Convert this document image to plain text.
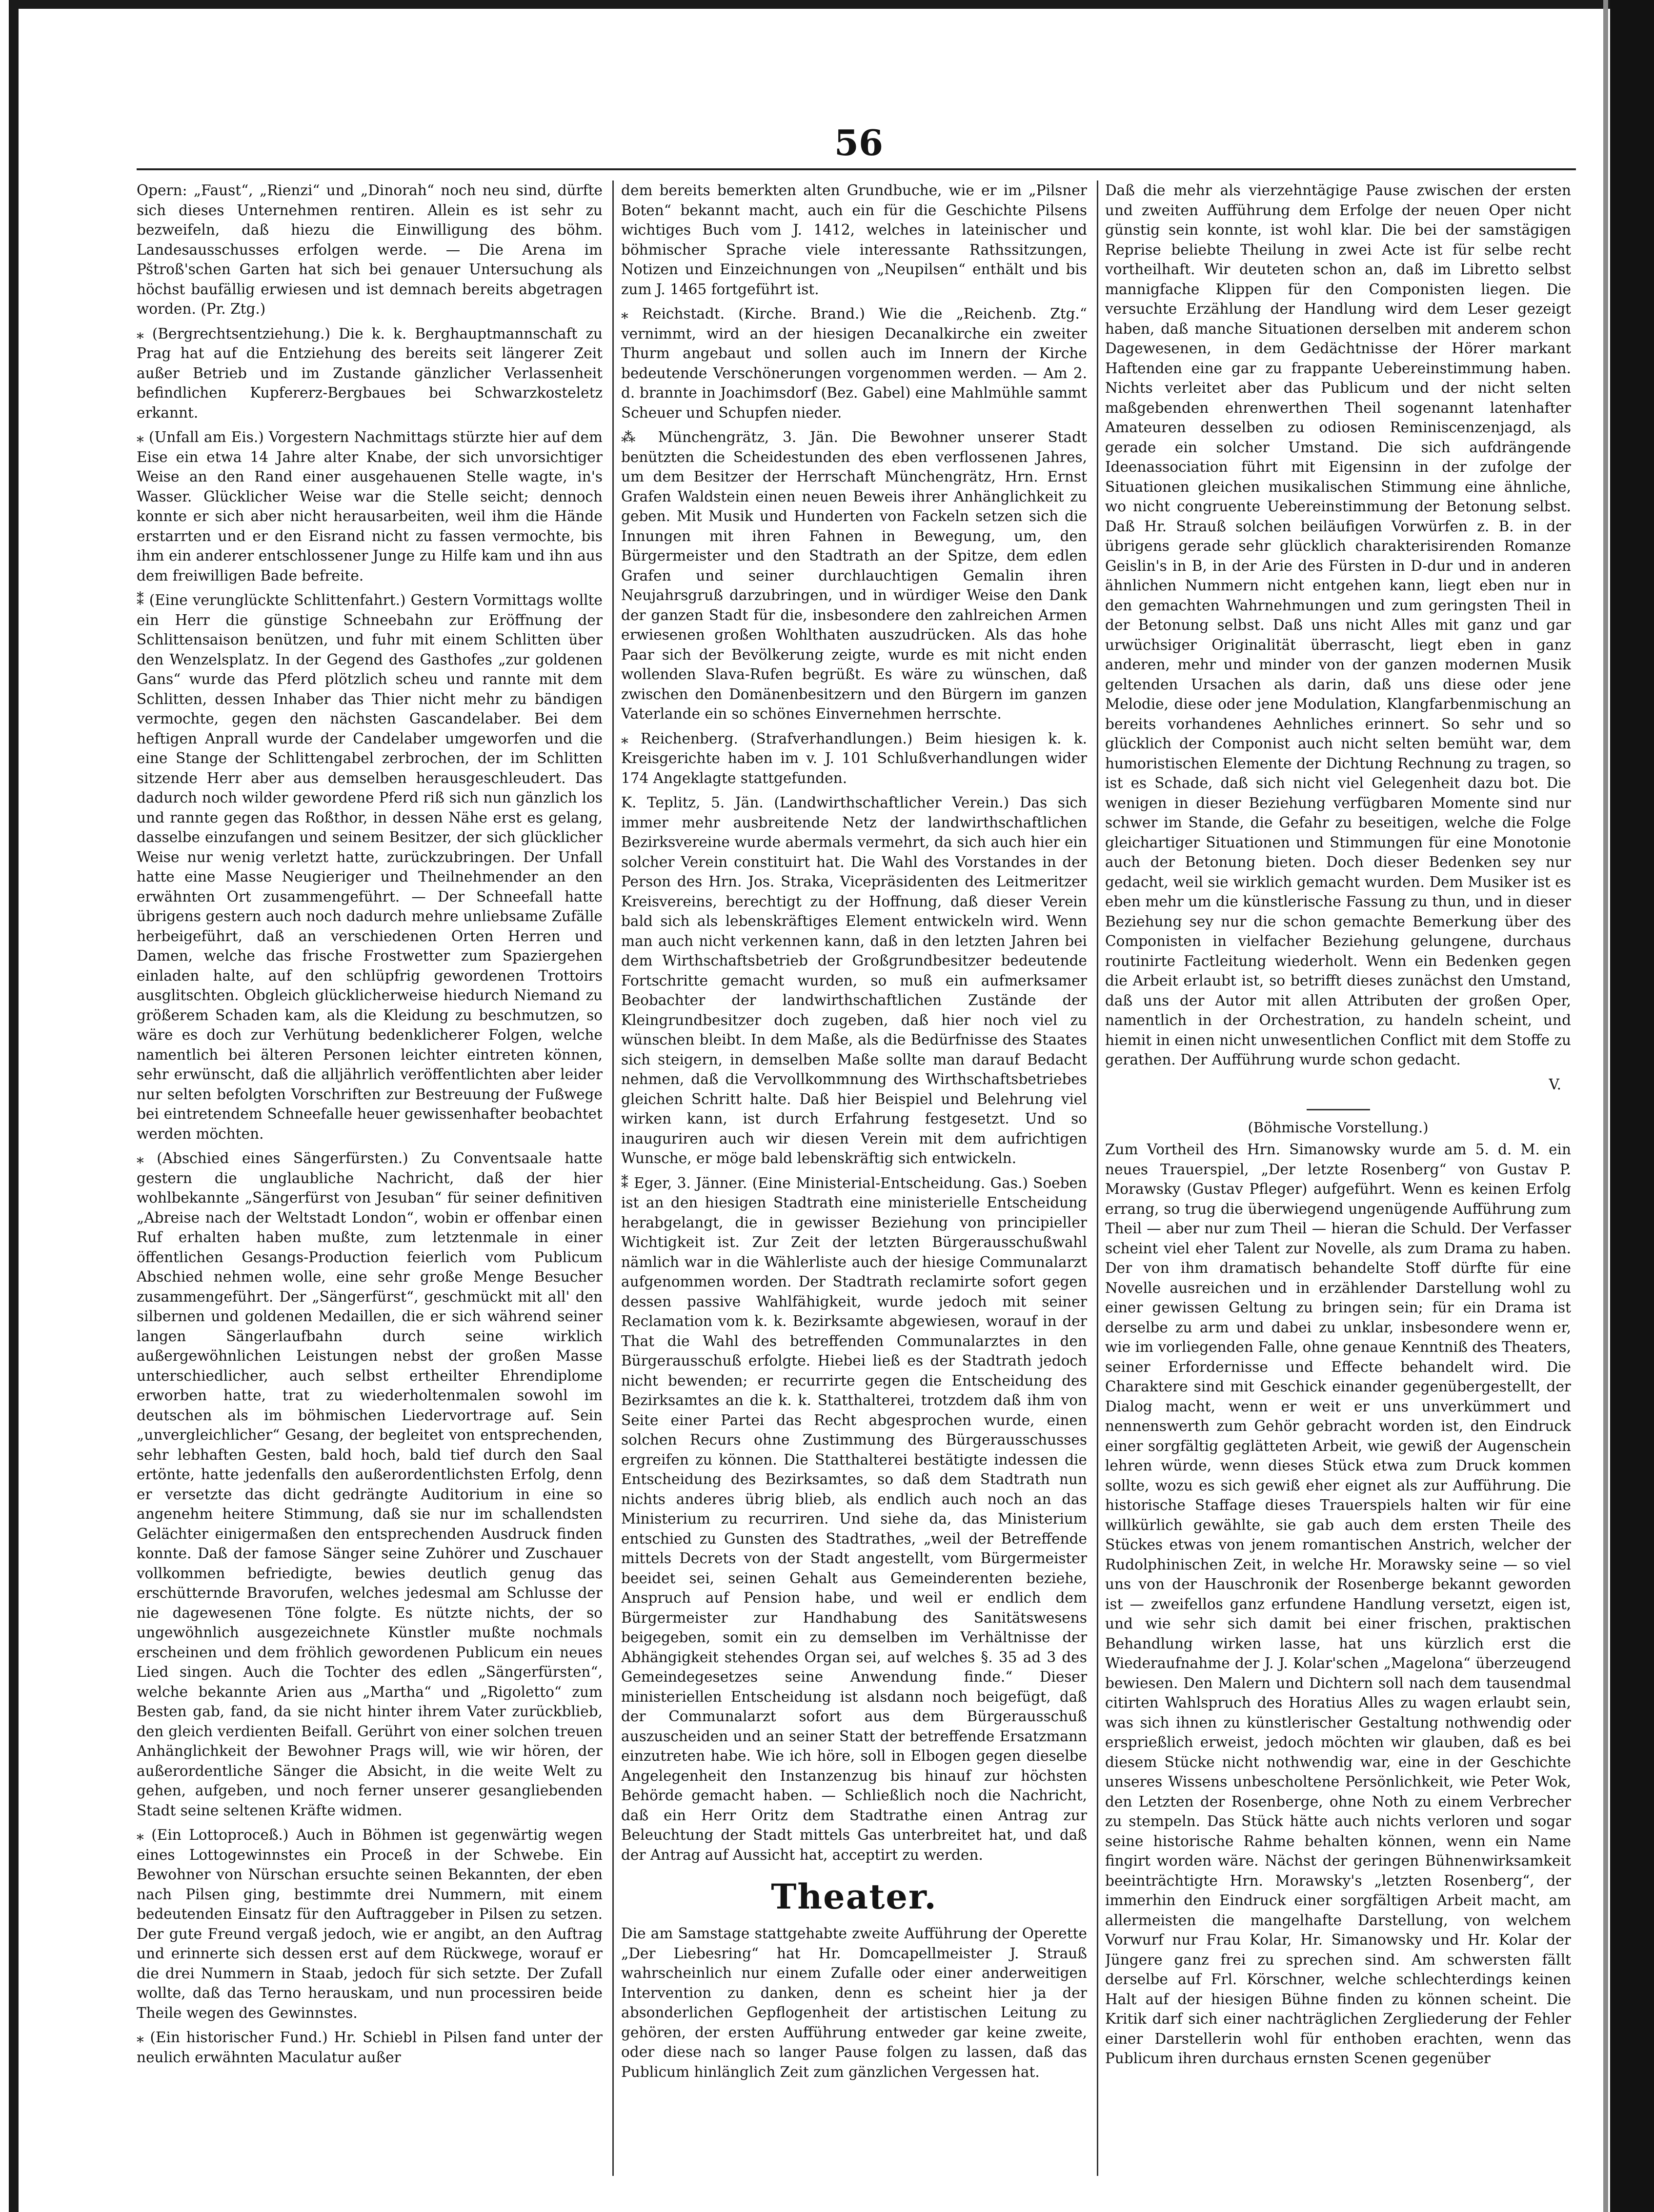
56

Opern: „Faust“, „Rienzi“ und „Dinorah“ noch neu sind, dürfte sich dieses Unternehmen rentiren. Allein es ist sehr zu bezweifeln, daß hiezu die Einwilligung des böhm. Landesausschusses erfolgen werde. — Die Arena im Pštroß'schen Garten hat sich bei genauer Untersuchung als höchst baufällig erwiesen und ist demnach bereits abgetragen worden. (Pr. Ztg.)

⁎ (Bergrechtsentziehung.) Die k. k. Berghauptmannschaft zu Prag hat auf die Entziehung des bereits seit längerer Zeit außer Betrieb und im Zustande gänzlicher Verlassenheit befindlichen Kupfererz-Bergbaues bei Schwarzkosteletz erkannt.

⁎ (Unfall am Eis.) Vorgestern Nachmittags stürzte hier auf dem Eise ein etwa 14 Jahre alter Knabe, der sich unvorsichtiger Weise an den Rand einer ausgehauenen Stelle wagte, in's Wasser. Glücklicher Weise war die Stelle seicht; dennoch konnte er sich aber nicht herausarbeiten, weil ihm die Hände erstarrten und er den Eisrand nicht zu fassen vermochte, bis ihm ein anderer entschlossener Junge zu Hilfe kam und ihn aus dem freiwilligen Bade befreite.

⁑ (Eine verunglückte Schlittenfahrt.) Gestern Vormittags wollte ein Herr die günstige Schneebahn zur Eröffnung der Schlittensaison benützen, und fuhr mit einem Schlitten über den Wenzelsplatz. In der Gegend des Gasthofes „zur goldenen Gans“ wurde das Pferd plötzlich scheu und rannte mit dem Schlitten, dessen Inhaber das Thier nicht mehr zu bändigen vermochte, gegen den nächsten Gascandelaber. Bei dem heftigen Anprall wurde der Candelaber umgeworfen und die eine Stange der Schlittengabel zerbrochen, der im Schlitten sitzende Herr aber aus demselben herausgeschleudert. Das dadurch noch wilder gewordene Pferd riß sich nun gänzlich los und rannte gegen das Roßthor, in dessen Nähe erst es gelang, dasselbe einzufangen und seinem Besitzer, der sich glücklicher Weise nur wenig verletzt hatte, zurückzubringen. Der Unfall hatte eine Masse Neugieriger und Theilnehmender an den erwähnten Ort zusammengeführt. — Der Schneefall hatte übrigens gestern auch noch dadurch mehre unliebsame Zufälle herbeigeführt, daß an verschiedenen Orten Herren und Damen, welche das frische Frostwetter zum Spaziergehen einladen halte, auf den schlüpfrig gewordenen Trottoirs ausglitschten. Obgleich glücklicherweise hiedurch Niemand zu größerem Schaden kam, als die Kleidung zu beschmutzen, so wäre es doch zur Verhütung bedenklicherer Folgen, welche namentlich bei älteren Personen leichter eintreten können, sehr erwünscht, daß die alljährlich veröffentlichten aber leider nur selten befolgten Vorschriften zur Bestreuung der Fußwege bei eintretendem Schneefalle heuer gewissenhafter beobachtet werden möchten.

⁎ (Abschied eines Sängerfürsten.) Zu Conventsaale hatte gestern die unglaubliche Nachricht, daß der hier wohlbekannte „Sängerfürst von Jesuban“ für seiner definitiven „Abreise nach der Weltstadt London“, wobin er offenbar einen Ruf erhalten haben mußte, zum letztenmale in einer öffentlichen Gesangs-Production feierlich vom Publicum Abschied nehmen wolle, eine sehr große Menge Besucher zusammengeführt. Der „Sängerfürst“, geschmückt mit all' den silbernen und goldenen Medaillen, die er sich während seiner langen Sängerlaufbahn durch seine wirklich außergewöhnlichen Leistungen nebst der großen Masse unterschiedlicher, auch selbst ertheilter Ehrendiplome erworben hatte, trat zu wiederholtenmalen sowohl im deutschen als im böhmischen Liedervortrage auf. Sein „unvergleichlicher“ Gesang, der begleitet von entsprechenden, sehr lebhaften Gesten, bald hoch, bald tief durch den Saal ertönte, hatte jedenfalls den außerordentlichsten Erfolg, denn er versetzte das dicht gedrängte Auditorium in eine so angenehm heitere Stimmung, daß sie nur im schallendsten Gelächter einigermaßen den entsprechenden Ausdruck finden konnte. Daß der famose Sänger seine Zuhörer und Zuschauer vollkommen befriedigte, bewies deutlich genug das erschütternde Bravorufen, welches jedesmal am Schlusse der nie dagewesenen Töne folgte. Es nützte nichts, der so ungewöhnlich ausgezeichnete Künstler mußte nochmals erscheinen und dem fröhlich gewordenen Publicum ein neues Lied singen. Auch die Tochter des edlen „Sängerfürsten“, welche bekannte Arien aus „Martha“ und „Rigoletto“ zum Besten gab, fand, da sie nicht hinter ihrem Vater zurückblieb, den gleich verdienten Beifall. Gerührt von einer solchen treuen Anhänglichkeit der Bewohner Prags will, wie wir hören, der außerordentliche Sänger die Absicht, in die weite Welt zu gehen, aufgeben, und noch ferner unserer gesangliebenden Stadt seine seltenen Kräfte widmen.

⁎ (Ein Lottoproceß.) Auch in Böhmen ist gegenwärtig wegen eines Lottogewinnstes ein Proceß in der Schwebe. Ein Bewohner von Nürschan ersuchte seinen Bekannten, der eben nach Pilsen ging, bestimmte drei Nummern, mit einem bedeutenden Einsatz für den Auftraggeber in Pilsen zu setzen. Der gute Freund vergaß jedoch, wie er angibt, an den Auftrag und erinnerte sich dessen erst auf dem Rückwege, worauf er die drei Nummern in Staab, jedoch für sich setzte. Der Zufall wollte, daß das Terno herauskam, und nun processiren beide Theile wegen des Gewinnstes.

⁎ (Ein historischer Fund.) Hr. Schiebl in Pilsen fand unter der neulich erwähnten Maculatur außer

dem bereits bemerkten alten Grundbuche, wie er im „Pilsner Boten“ bekannt macht, auch ein für die Geschichte Pilsens wichtiges Buch vom J. 1412, welches in lateinischer und böhmischer Sprache viele interessante Rathssitzungen, Notizen und Einzeichnungen von „Neupilsen“ enthält und bis zum J. 1465 fortgeführt ist.

⁎ Reichstadt. (Kirche. Brand.) Wie die „Reichenb. Ztg.“ vernimmt, wird an der hiesigen Decanalkirche ein zweiter Thurm angebaut und sollen auch im Innern der Kirche bedeutende Verschönerungen vorgenommen werden. — Am 2. d. brannte in Joachimsdorf (Bez. Gabel) eine Mahlmühle sammt Scheuer und Schupfen nieder.

⁂ Münchengrätz, 3. Jän. Die Bewohner unserer Stadt benützten die Scheidestunden des eben verflossenen Jahres, um dem Besitzer der Herrschaft Münchengrätz, Hrn. Ernst Grafen Waldstein einen neuen Beweis ihrer Anhänglichkeit zu geben. Mit Musik und Hunderten von Fackeln setzen sich die Innungen mit ihren Fahnen in Bewegung, um, den Bürgermeister und den Stadtrath an der Spitze, dem edlen Grafen und seiner durchlauchtigen Gemalin ihren Neujahrsgruß darzubringen, und in würdiger Weise den Dank der ganzen Stadt für die, insbesondere den zahlreichen Armen erwiesenen großen Wohlthaten auszudrücken. Als das hohe Paar sich der Bevölkerung zeigte, wurde es mit nicht enden wollenden Slava-Rufen begrüßt. Es wäre zu wünschen, daß zwischen den Domänenbesitzern und den Bürgern im ganzen Vaterlande ein so schönes Einvernehmen herrschte.

⁎ Reichenberg. (Strafverhandlungen.) Beim hiesigen k. k. Kreisgerichte haben im v. J. 101 Schlußverhandlungen wider 174 Angeklagte stattgefunden.

K. Teplitz, 5. Jän. (Landwirthschaftlicher Verein.) Das sich immer mehr ausbreitende Netz der landwirthschaftlichen Bezirksvereine wurde abermals vermehrt, da sich auch hier ein solcher Verein constituirt hat. Die Wahl des Vorstandes in der Person des Hrn. Jos. Straka, Vicepräsidenten des Leitmeritzer Kreisvereins, berechtigt zu der Hoffnung, daß dieser Verein bald sich als lebenskräftiges Element entwickeln wird. Wenn man auch nicht verkennen kann, daß in den letzten Jahren bei dem Wirthschaftsbetrieb der Großgrundbesitzer bedeutende Fortschritte gemacht wurden, so muß ein aufmerksamer Beobachter der landwirthschaftlichen Zustände der Kleingrundbesitzer doch zugeben, daß hier noch viel zu wünschen bleibt. In dem Maße, als die Bedürfnisse des Staates sich steigern, in demselben Maße sollte man darauf Bedacht nehmen, daß die Vervollkommnung des Wirthschaftsbetriebes gleichen Schritt halte. Daß hier Beispiel und Belehrung viel wirken kann, ist durch Erfahrung festgesetzt. Und so inauguriren auch wir diesen Verein mit dem aufrichtigen Wunsche, er möge bald lebenskräftig sich entwickeln.

⁑ Eger, 3. Jänner. (Eine Ministerial-Entscheidung. Gas.) Soeben ist an den hiesigen Stadtrath eine ministerielle Entscheidung herabgelangt, die in gewisser Beziehung von principieller Wichtigkeit ist. Zur Zeit der letzten Bürgerausschußwahl nämlich war in die Wählerliste auch der hiesige Communalarzt aufgenommen worden. Der Stadtrath reclamirte sofort gegen dessen passive Wahlfähigkeit, wurde jedoch mit seiner Reclamation vom k. k. Bezirksamte abgewiesen, worauf in der That die Wahl des betreffenden Communalarztes in den Bürgerausschuß erfolgte. Hiebei ließ es der Stadtrath jedoch nicht bewenden; er recurrirte gegen die Entscheidung des Bezirksamtes an die k. k. Statthalterei, trotzdem daß ihm von Seite einer Partei das Recht abgesprochen wurde, einen solchen Recurs ohne Zustimmung des Bürgerausschusses ergreifen zu können. Die Statthalterei bestätigte indessen die Entscheidung des Bezirksamtes, so daß dem Stadtrath nun nichts anderes übrig blieb, als endlich auch noch an das Ministerium zu recurriren. Und siehe da, das Ministerium entschied zu Gunsten des Stadtrathes, „weil der Betreffende mittels Decrets von der Stadt angestellt, vom Bürgermeister beeidet sei, seinen Gehalt aus Gemeinderenten beziehe, Anspruch auf Pension habe, und weil er endlich dem Bürgermeister zur Handhabung des Sanitätswesens beigegeben, somit ein zu demselben im Verhältnisse der Abhängigkeit stehendes Organ sei, auf welches §. 35 ad 3 des Gemeindegesetzes seine Anwendung finde.“ Dieser ministeriellen Entscheidung ist alsdann noch beigefügt, daß der Communalarzt sofort aus dem Bürgerausschuß auszuscheiden und an seiner Statt der betreffende Ersatzmann einzutreten habe. Wie ich höre, soll in Elbogen gegen dieselbe Angelegenheit den Instanzenzug bis hinauf zur höchsten Behörde gemacht haben. — Schließlich noch die Nachricht, daß ein Herr Oritz dem Stadtrathe einen Antrag zur Beleuchtung der Stadt mittels Gas unterbreitet hat, und daß der Antrag auf Aussicht hat, acceptirt zu werden.

Theater.

Die am Samstage stattgehabte zweite Aufführung der Operette „Der Liebesring“ hat Hr. Domcapellmeister J. Strauß wahrscheinlich nur einem Zufalle oder einer anderweitigen Intervention zu danken, denn es scheint hier ja der absonderlichen Gepflogenheit der artistischen Leitung zu gehören, der ersten Aufführung entweder gar keine zweite, oder diese nach so langer Pause folgen zu lassen, daß das Publicum hinlänglich Zeit zum gänzlichen Vergessen hat.

Daß die mehr als vierzehntägige Pause zwischen der ersten und zweiten Aufführung dem Erfolge der neuen Oper nicht günstig sein konnte, ist wohl klar. Die bei der samstägigen Reprise beliebte Theilung in zwei Acte ist für selbe recht vortheilhaft. Wir deuteten schon an, daß im Libretto selbst mannigfache Klippen für den Componisten liegen. Die versuchte Erzählung der Handlung wird dem Leser gezeigt haben, daß manche Situationen derselben mit anderem schon Dagewesenen, in dem Gedächtnisse der Hörer markant Haftenden eine gar zu frappante Uebereinstimmung haben. Nichts verleitet aber das Publicum und der nicht selten maßgebenden ehrenwerthen Theil sogenannt latenhafter Amateuren desselben zu odiosen Reminiscenzenjagd, als gerade ein solcher Umstand. Die sich aufdrängende Ideenassociation führt mit Eigensinn in der zufolge der Situationen gleichen musikalischen Stimmung eine ähnliche, wo nicht congruente Uebereinstimmung der Betonung selbst. Daß Hr. Strauß solchen beiläufigen Vorwürfen z. B. in der übrigens gerade sehr glücklich charakterisirenden Romanze Geislin's in B, in der Arie des Fürsten in D-dur und in anderen ähnlichen Nummern nicht entgehen kann, liegt eben nur in den gemachten Wahrnehmungen und zum geringsten Theil in der Betonung selbst. Daß uns nicht Alles mit ganz und gar urwüchsiger Originalität überrascht, liegt eben in ganz anderen, mehr und minder von der ganzen modernen Musik geltenden Ursachen als darin, daß uns diese oder jene Melodie, diese oder jene Modulation, Klangfarbenmischung an bereits vorhandenes Aehnliches erinnert. So sehr und so glücklich der Componist auch nicht selten bemüht war, dem humoristischen Elemente der Dichtung Rechnung zu tragen, so ist es Schade, daß sich nicht viel Gelegenheit dazu bot. Die wenigen in dieser Beziehung verfügbaren Momente sind nur schwer im Stande, die Gefahr zu beseitigen, welche die Folge gleichartiger Situationen und Stimmungen für eine Monotonie auch der Betonung bieten. Doch dieser Bedenken sey nur gedacht, weil sie wirklich gemacht wurden. Dem Musiker ist es eben mehr um die künstlerische Fassung zu thun, und in dieser Beziehung sey nur die schon gemachte Bemerkung über des Componisten in vielfacher Beziehung gelungene, durchaus routinirte Factleitung wiederholt. Wenn ein Bedenken gegen die Arbeit erlaubt ist, so betrifft dieses zunächst den Umstand, daß uns der Autor mit allen Attributen der großen Oper, namentlich in der Orchestration, zu handeln scheint, und hiemit in einen nicht unwesentlichen Conflict mit dem Stoffe zu gerathen. Der Aufführung wurde schon gedacht.

V.

(Böhmische Vorstellung.)

Zum Vortheil des Hrn. Simanowsky wurde am 5. d. M. ein neues Trauerspiel, „Der letzte Rosenberg“ von Gustav P. Morawsky (Gustav Pfleger) aufgeführt. Wenn es keinen Erfolg errang, so trug die überwiegend ungenügende Aufführung zum Theil — aber nur zum Theil — hieran die Schuld. Der Verfasser scheint viel eher Talent zur Novelle, als zum Drama zu haben. Der von ihm dramatisch behandelte Stoff dürfte für eine Novelle ausreichen und in erzählender Darstellung wohl zu einer gewissen Geltung zu bringen sein; für ein Drama ist derselbe zu arm und dabei zu unklar, insbesondere wenn er, wie im vorliegenden Falle, ohne genaue Kenntniß des Theaters, seiner Erfordernisse und Effecte behandelt wird. Die Charaktere sind mit Geschick einander gegenübergestellt, der Dialog macht, wenn er weit er uns unverkümmert und nennenswerth zum Gehör gebracht worden ist, den Eindruck einer sorgfältig geglätteten Arbeit, wie gewiß der Augenschein lehren würde, wenn dieses Stück etwa zum Druck kommen sollte, wozu es sich gewiß eher eignet als zur Aufführung. Die historische Staffage dieses Trauerspiels halten wir für eine willkürlich gewählte, sie gab auch dem ersten Theile des Stückes etwas von jenem romantischen Anstrich, welcher der Rudolphinischen Zeit, in welche Hr. Morawsky seine — so viel uns von der Hauschronik der Rosenberge bekannt geworden ist — zweifellos ganz erfundene Handlung versetzt, eigen ist, und wie sehr sich damit bei einer frischen, praktischen Behandlung wirken lasse, hat uns kürzlich erst die Wiederaufnahme der J. J. Kolar'schen „Magelona“ überzeugend bewiesen. Den Malern und Dichtern soll nach dem tausendmal citirten Wahlspruch des Horatius Alles zu wagen erlaubt sein, was sich ihnen zu künstlerischer Gestaltung nothwendig oder ersprießlich erweist, jedoch möchten wir glauben, daß es bei diesem Stücke nicht nothwendig war, eine in der Geschichte unseres Wissens unbescholtene Persönlichkeit, wie Peter Wok, den Letzten der Rosenberge, ohne Noth zu einem Verbrecher zu stempeln. Das Stück hätte auch nichts verloren und sogar seine historische Rahme behalten können, wenn ein Name fingirt worden wäre. Nächst der geringen Bühnenwirksamkeit beeinträchtigte Hrn. Morawsky's „letzten Rosenberg“, der immerhin den Eindruck einer sorgfältigen Arbeit macht, am allermeisten die mangelhafte Darstellung, von welchem Vorwurf nur Frau Kolar, Hr. Simanowsky und Hr. Kolar der Jüngere ganz frei zu sprechen sind. Am schwersten fällt derselbe auf Frl. Körschner, welche schlechterdings keinen Halt auf der hiesigen Bühne finden zu können scheint. Die Kritik darf sich einer nachträglichen Zergliederung der Fehler einer Darstellerin wohl für enthoben erachten, wenn das Publicum ihren durchaus ernsten Scenen gegenüber
